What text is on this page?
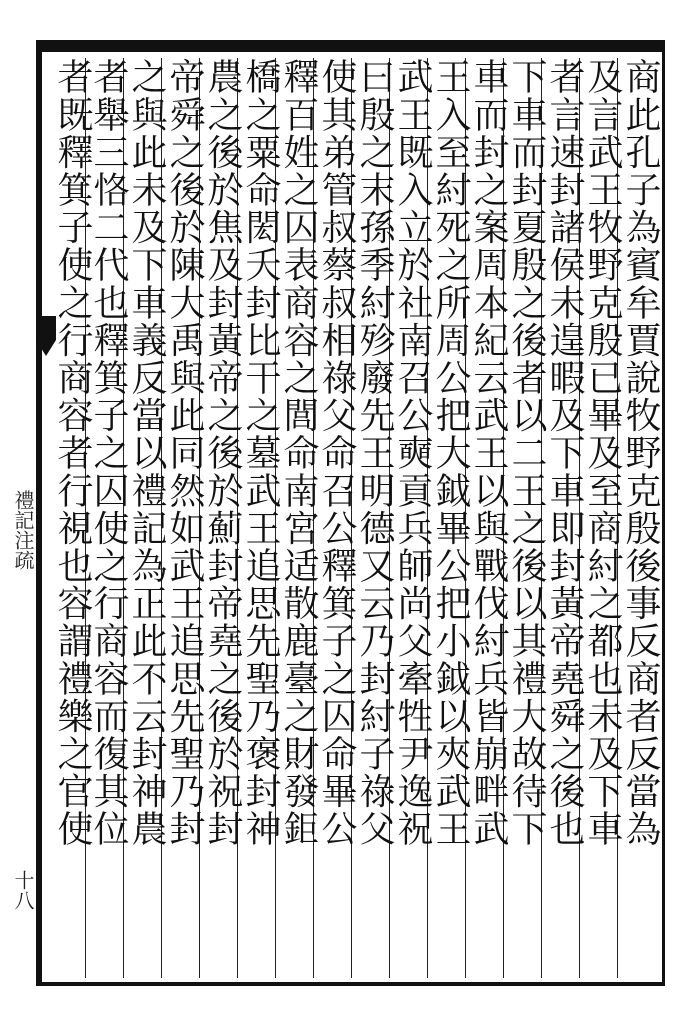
禮記注疏
十八
商此孔子為賓牟賈說牧野克殷後事反商者反當為
及言武王牧野克殷已畢及至商紂之都也未及下車
者言速封諸侯未遑暇及下車即封黃帝堯舜之後也
下車而封夏殷之後者以二王之後以其禮大故待下
車而封之案周本紀云武王以與戰伐紂兵皆崩畔武
王入至紂死之所周公把大鉞畢公把小鉞以夾武王
武王既入立於社南召公奭貢兵師尚父牽牲尹逸祝
曰殷之末孫季紂殄廢先王明德又云乃封紂子祿父
使其弟管叔蔡叔相祿父命召公釋箕子之囚命畢公
釋百姓之囚表商容之閭命南宮适散鹿臺之財發鉅
橋之粟命閎夭封比干之墓武王追思先聖乃褒封神
農之後於焦及封黃帝之後於薊封帝堯之後於祝封
帝舜之後於陳大禹與此同然如武王追思先聖乃封
之與此未及下車義反當以禮記為正此不云封神農
者舉三恪二代也釋箕子之囚使之行商容而復其位
者既釋箕子使之行商容者行視也容謂禮樂之官使
